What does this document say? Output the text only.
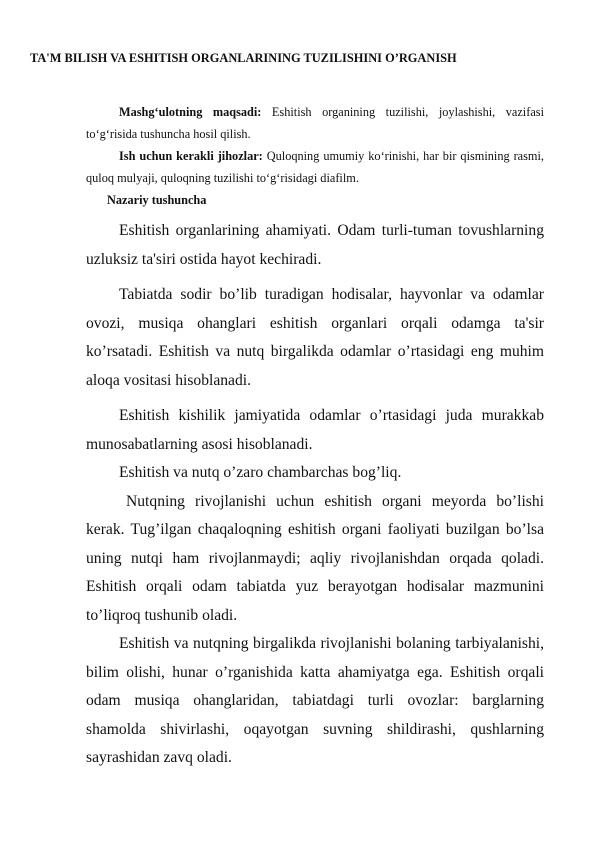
TA'M BILISH VA ESHITISH ORGANLARINING TUZILISHINI O’RGANISH

Mashg‘ulotning maqsadi: Eshitish organining tuzilishi, joylashishi, vazifasi to‘g‘risida tushuncha hosil qilish.

Ish uchun kerakli jihozlar: Quloqning umumiy ko‘rinishi, har bir qismining rasmi, quloq mulyaji, quloqning tuzilishi to‘g‘risidagi diafilm.

Nazariy tushuncha

Eshitish organlarining ahamiyati. Odam turli-tuman tovushlarning uzluksiz ta'siri ostida hayot kechiradi.

Tabiatda sodir bo’lib turadigan hodisalar, hayvonlar va odamlar ovozi, musiqa ohanglari eshitish organlari orqali odamga ta'sir ko’rsatadi. Eshitish va nutq birgalikda odamlar o’rtasidagi eng muhim aloqa vositasi hisoblanadi.

Eshitish kishilik jamiyatida odamlar o’rtasidagi juda murakkab munosabatlarning asosi hisoblanadi.

Eshitish va nutq o’zaro chambarchas bog’liq.

Nutqning rivojlanishi uchun eshitish organi meyorda bo’lishi kerak. Tug’ilgan chaqaloqning eshitish organi faoliyati buzilgan bo’lsa uning nutqi ham rivojlanmaydi; aqliy rivojlanishdan orqada qoladi. Eshitish orqali odam tabiatda yuz berayotgan hodisalar mazmunini to’liqroq tushunib oladi.

Eshitish va nutqning birgalikda rivojlanishi bolaning tarbiyalanishi, bilim olishi, hunar o’rganishida katta ahamiyatga ega. Eshitish orqali odam musiqa ohanglaridan, tabiatdagi turli ovozlar: barglarning shamolda shivirlashi, oqayotgan suvning shildirashi, qushlarning sayrashidan zavq oladi.
